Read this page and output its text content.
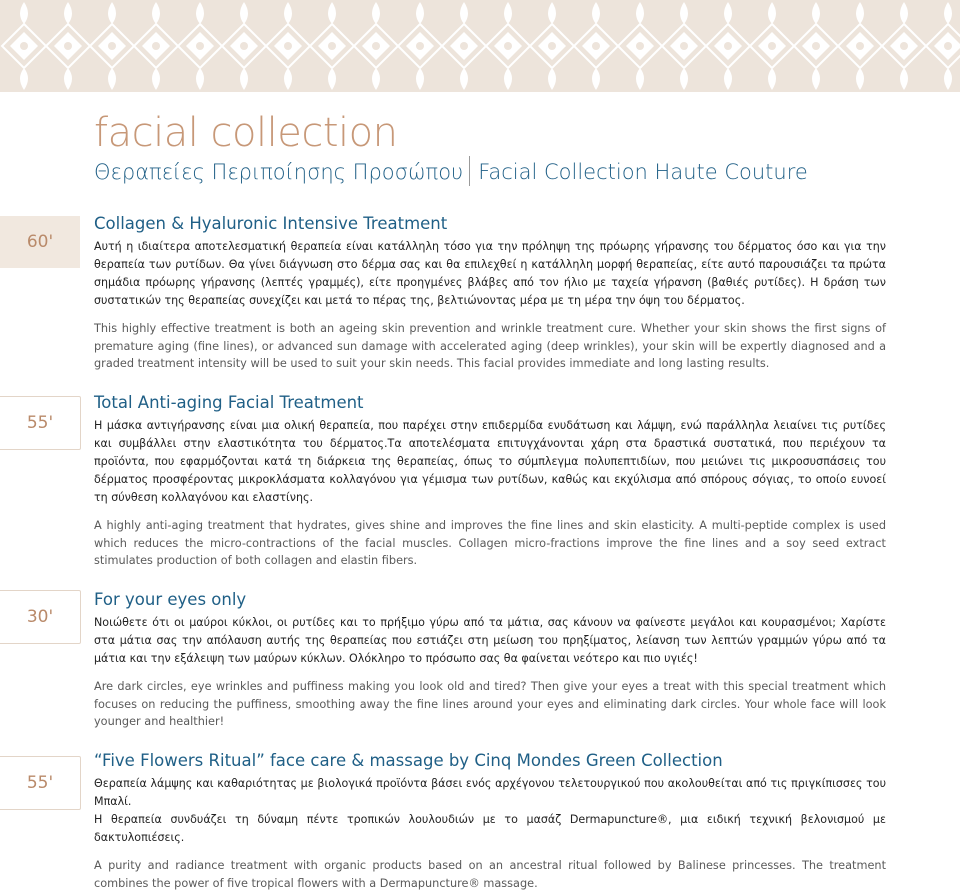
facial collection
Θεραπείες Περιποίησης Προσώπου Facial Collection Haute Couture
60'
55'
30'
55'
Collagen & Hyaluronic Intensive Treatment

Αυτή η ιδιαίτερα αποτελεσματική θεραπεία είναι κατάλληλη τόσο για την πρόληψη της πρόωρης γήρανσης του δέρματος όσο και για την θεραπεία των ρυτίδων. Θα γίνει διάγνωση στο δέρμα σας και θα επιλεχθεί η κατάλληλη μορφή θεραπείας, είτε αυτό παρουσιάζει τα πρώτα σημάδια πρόωρης γήρανσης (λεπτές γραμμές), είτε προηγμένες βλάβες από τον ήλιο με ταχεία γήρανση (βαθιές ρυτίδες). Η δράση των συστατικών της θεραπείας συνεχίζει και μετά το πέρας της, βελτιώνοντας μέρα με τη μέρα την όψη του δέρματος.

This highly effective treatment is both an ageing skin prevention and wrinkle treatment cure. Whether your skin shows the first signs of premature aging (fine lines), or advanced sun damage with accelerated aging (deep wrinkles), your skin will be expertly diagnosed and a graded treatment intensity will be used to suit your skin needs. This facial provides immediate and long lasting results.

Total Anti-aging Facial Treatment

Η μάσκα αντιγήρανσης είναι μια ολική θεραπεία, που παρέχει στην επιδερμίδα ενυδάτωση και λάμψη, ενώ παράλληλα λειαίνει τις ρυτίδες και συμβάλλει στην ελαστικότητα του δέρματος.Τα αποτελέσματα επιτυγχάνονται χάρη στα δραστικά συστατικά, που περιέχουν τα προϊόντα, που εφαρμόζονται κατά τη διάρκεια της θεραπείας, όπως το σύμπλεγμα πολυπεπτιδίων, που μειώνει τις μικροσυσπάσεις του δέρματος προσφέροντας μικροκλάσματα κολλαγόνου για γέμισμα των ρυτίδων, καθώς και εκχύλισμα από σπόρους σόγιας, το οποίο ευνοεί τη σύνθεση κολλαγόνου και ελαστίνης.

A highly anti-aging treatment that hydrates, gives shine and improves the fine lines and skin elasticity. A multi-peptide complex is used which reduces the micro-contractions of the facial muscles. Collagen micro-fractions improve the fine lines and a soy seed extract stimulates production of both collagen and elastin fibers.

For your eyes only

Νοιώθετε ότι οι μαύροι κύκλοι, οι ρυτίδες και το πρήξιμο γύρω από τα μάτια, σας κάνουν να φαίνεστε μεγάλοι και κουρασμένοι; Χαρίστε στα μάτια σας την απόλαυση αυτής της θεραπείας που εστιάζει στη μείωση του πρηξίματος, λείανση των λεπτών γραμμών γύρω από τα μάτια και την εξάλειψη των μαύρων κύκλων. Ολόκληρο το πρόσωπο σας θα φαίνεται νεότερο και πιο υγιές!

Are dark circles, eye wrinkles and puffiness making you look old and tired? Then give your eyes a treat with this special treatment which focuses on reducing the puffiness, smoothing away the fine lines around your eyes and eliminating dark circles. Your whole face will look younger and healthier!

“Five Flowers Ritual” face care & massage by Cinq Mondes Green Collection

Θεραπεία λάμψης και καθαριότητας με βιολογικά προϊόντα βάσει ενός αρχέγονου τελετουργικού που ακολουθείται από τις πριγκίπισσες του Μπαλί.

Η θεραπεία συνδυάζει τη δύναμη πέντε τροπικών λουλουδιών με το μασάζ Dermapuncture®, μια ειδική τεχνική βελονισμού με δακτυλοπιέσεις.

A purity and radiance treatment with organic products based on an ancestral ritual followed by Balinese princesses. The treatment combines the power of five tropical flowers with a Dermapuncture® massage.
